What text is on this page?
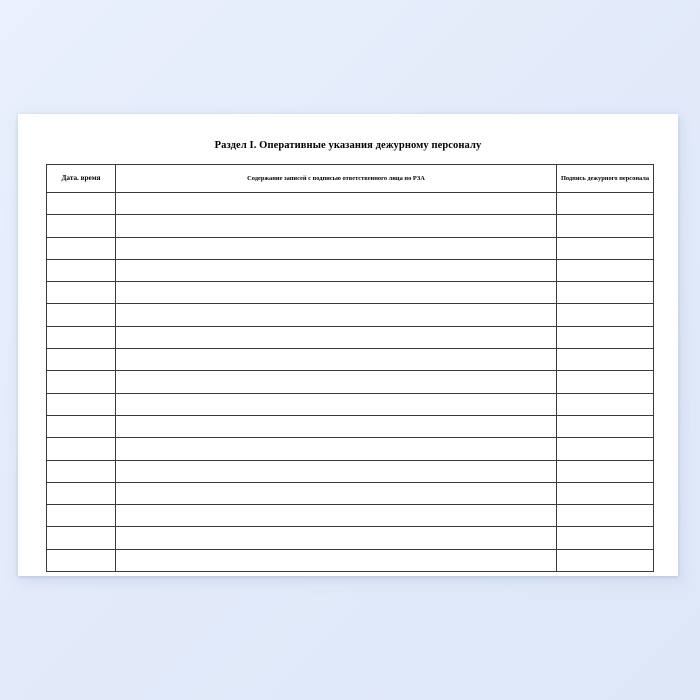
Раздел I. Оперативные указания дежурному персоналу
Дата. время	Содержание записей с подписью ответственного лица по РЗА	Подпись дежурного персонала
